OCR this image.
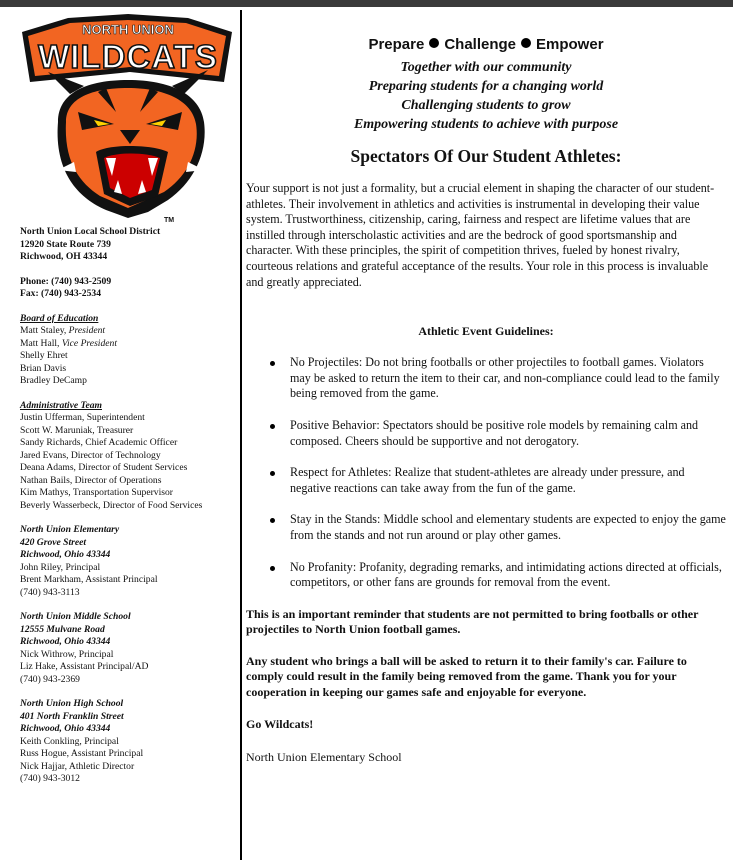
NORTH UNION
WILDCATS
TM
North Union Local School District
12920 State Route 739
Richwood, OH 43344
Phone: (740) 943-2509
Fax: (740) 943-2534
Board of Education
Matt Staley, President
Matt Hall, Vice President
Shelly Ehret
Brian Davis
Bradley DeCamp
Administrative Team
Justin Ufferman, Superintendent
Scott W. Maruniak, Treasurer
Sandy Richards, Chief Academic Officer
Jared Evans, Director of Technology
Deana Adams, Director of Student Services
Nathan Bails, Director of Operations
Kim Mathys, Transportation Supervisor
Beverly Wasserbeck, Director of Food Services
North Union Elementary
420 Grove Street
Richwood, Ohio 43344
John Riley, Principal
Brent Markham, Assistant Principal
(740) 943-3113
North Union Middle School
12555 Mulvane Road
Richwood, Ohio 43344
Nick Withrow, Principal
Liz Hake, Assistant Principal/AD
(740) 943-2369
North Union High School
401 North Franklin Street
Richwood, Ohio 43344
Keith Conkling, Principal
Russ Hogue, Assistant Principal
Nick Hajjar, Athletic Director
(740) 943-3012
Prepare Challenge Empower
Together with our community
Preparing students for a changing world
Challenging students to grow
Empowering students to achieve with purpose
Spectators Of Our Student Athletes:
Your support is not just a formality, but a crucial element in shaping the character of our student-athletes. Their involvement in athletics and activities is instrumental in developing their value system. Trustworthiness, citizenship, caring, fairness and respect are lifetime values that are instilled through interscholastic activities and are the bedrock of good sportsmanship and character. With these principles, the spirit of competition thrives, fueled by honest rivalry, courteous relations and grateful acceptance of the results. Your role in this process is invaluable and greatly appreciated.
Athletic Event Guidelines:
No Projectiles: Do not bring footballs or other projectiles to football games. Violators may be asked to return the item to their car, and non-compliance could lead to the family being removed from the game.
Positive Behavior: Spectators should be positive role models by remaining calm and composed. Cheers should be supportive and not derogatory.
Respect for Athletes: Realize that student-athletes are already under pressure, and negative reactions can take away from the fun of the game.
Stay in the Stands: Middle school and elementary students are expected to enjoy the game from the stands and not run around or play other games.
No Profanity: Profanity, degrading remarks, and intimidating actions directed at officials, competitors, or other fans are grounds for removal from the event.
This is an important reminder that students are not permitted to bring footballs or other projectiles to North Union football games.
Any student who brings a ball will be asked to return it to their family's car. Failure to comply could result in the family being removed from the game. Thank you for your cooperation in keeping our games safe and enjoyable for everyone.
Go Wildcats!
North Union Elementary School
